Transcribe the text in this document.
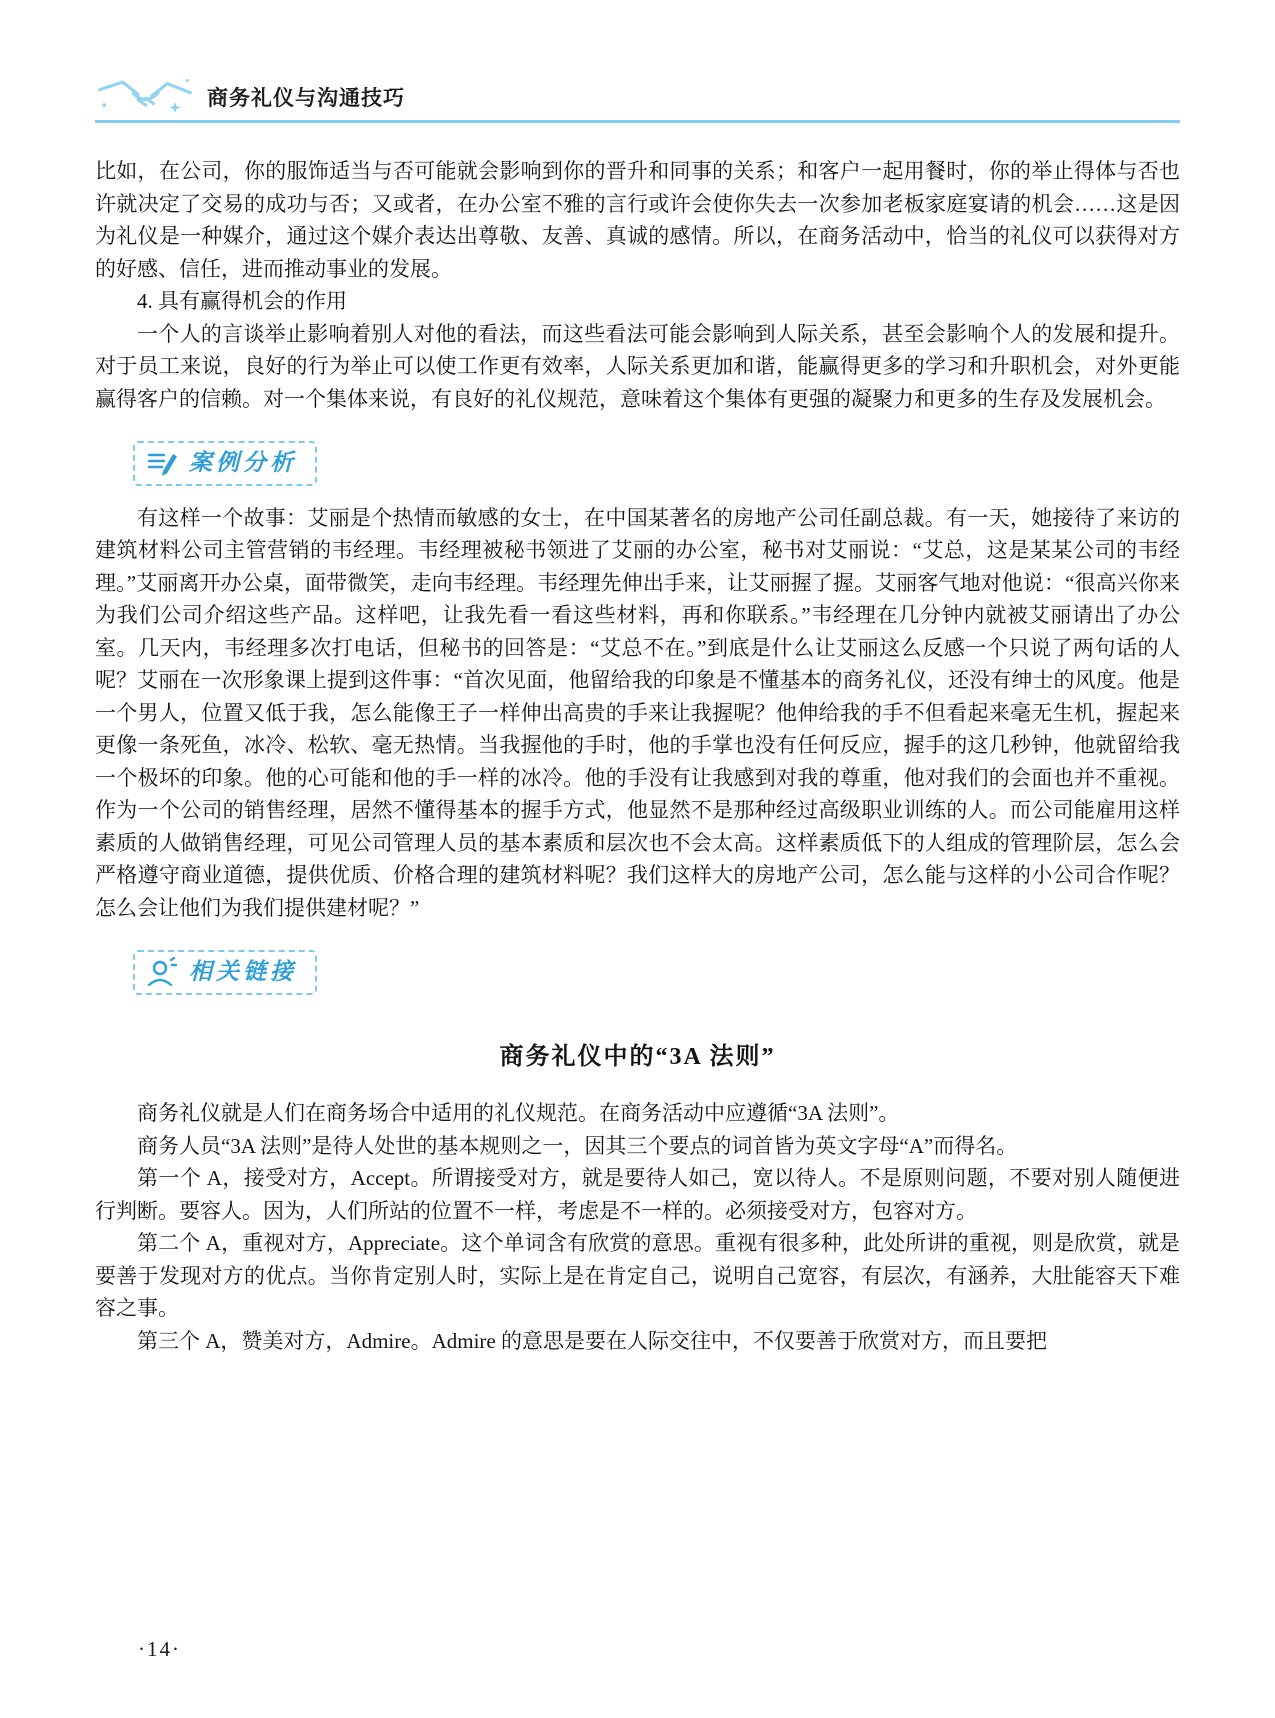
商务礼仪与沟通技巧

比如，在公司，你的服饰适当与否可能就会影响到你的晋升和同事的关系；和客户一起用餐时，你的举止得体与否也许就决定了交易的成功与否；又或者，在办公室不雅的言行或许会使你失去一次参加老板家庭宴请的机会……这是因为礼仪是一种媒介，通过这个媒介表达出尊敬、友善、真诚的感情。所以，在商务活动中，恰当的礼仪可以获得对方的好感、信任，进而推动事业的发展。

4. 具有赢得机会的作用

一个人的言谈举止影响着别人对他的看法，而这些看法可能会影响到人际关系，甚至会影响个人的发展和提升。对于员工来说，良好的行为举止可以使工作更有效率，人际关系更加和谐，能赢得更多的学习和升职机会，对外更能赢得客户的信赖。对一个集体来说，有良好的礼仪规范，意味着这个集体有更强的凝聚力和更多的生存及发展机会。

案例分析

有这样一个故事：艾丽是个热情而敏感的女士，在中国某著名的房地产公司任副总裁。有一天，她接待了来访的建筑材料公司主管营销的韦经理。韦经理被秘书领进了艾丽的办公室，秘书对艾丽说：“艾总，这是某某公司的韦经理。”艾丽离开办公桌，面带微笑，走向韦经理。韦经理先伸出手来，让艾丽握了握。艾丽客气地对他说：“很高兴你来为我们公司介绍这些产品。这样吧，让我先看一看这些材料，再和你联系。”韦经理在几分钟内就被艾丽请出了办公室。几天内，韦经理多次打电话，但秘书的回答是：“艾总不在。”到底是什么让艾丽这么反感一个只说了两句话的人呢？艾丽在一次形象课上提到这件事：“首次见面，他留给我的印象是不懂基本的商务礼仪，还没有绅士的风度。他是一个男人，位置又低于我，怎么能像王子一样伸出高贵的手来让我握呢？他伸给我的手不但看起来毫无生机，握起来更像一条死鱼，冰冷、松软、毫无热情。当我握他的手时，他的手掌也没有任何反应，握手的这几秒钟，他就留给我一个极坏的印象。他的心可能和他的手一样的冰冷。他的手没有让我感到对我的尊重，他对我们的会面也并不重视。作为一个公司的销售经理，居然不懂得基本的握手方式，他显然不是那种经过高级职业训练的人。而公司能雇用这样素质的人做销售经理，可见公司管理人员的基本素质和层次也不会太高。这样素质低下的人组成的管理阶层，怎么会严格遵守商业道德，提供优质、价格合理的建筑材料呢？我们这样大的房地产公司，怎么能与这样的小公司合作呢？怎么会让他们为我们提供建材呢？”

相关链接
商务礼仪中的“3A 法则”

商务礼仪就是人们在商务场合中适用的礼仪规范。在商务活动中应遵循“3A 法则”。

商务人员“3A 法则”是待人处世的基本规则之一，因其三个要点的词首皆为英文字母“A”而得名。

第一个 A，接受对方，Accept。所谓接受对方，就是要待人如己，宽以待人。不是原则问题，不要对别人随便进行判断。要容人。因为，人们所站的位置不一样，考虑是不一样的。必须接受对方，包容对方。

第二个 A，重视对方，Appreciate。这个单词含有欣赏的意思。重视有很多种，此处所讲的重视，则是欣赏，就是要善于发现对方的优点。当你肯定别人时，实际上是在肯定自己，说明自己宽容，有层次，有涵养，大肚能容天下难容之事。

第三个 A，赞美对方，Admire。Admire 的意思是要在人际交往中，不仅要善于欣赏对方，而且要把

·14·
